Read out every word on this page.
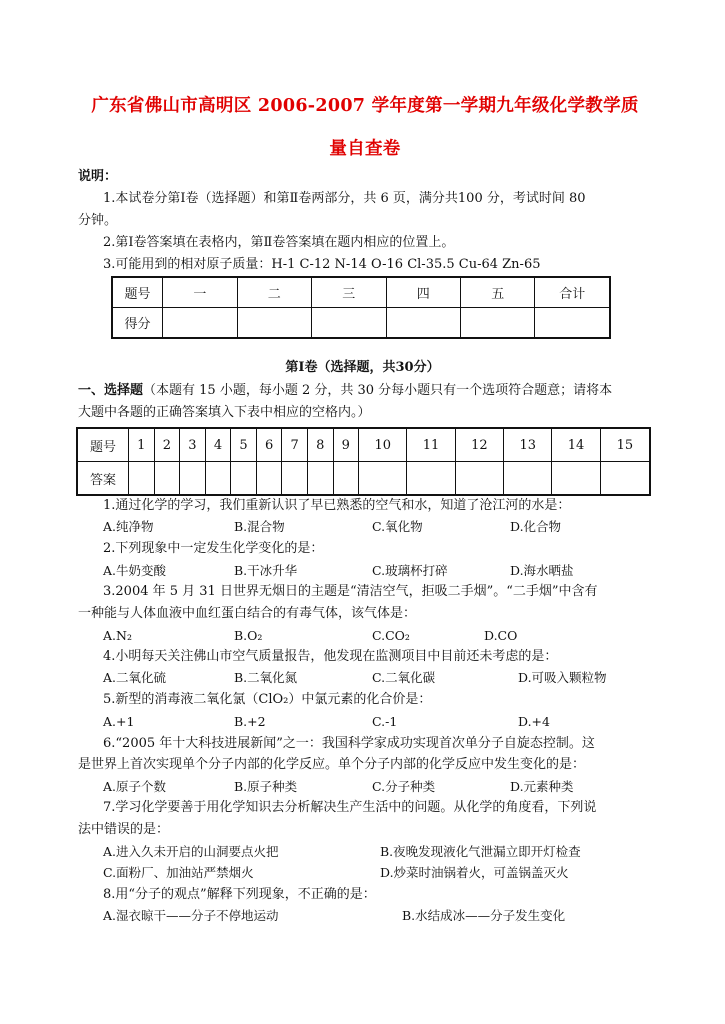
广东省佛山市高明区 2006-2007 学年度第一学期九年级化学教学质
量自查卷
说明：
1.本试卷分第Ⅰ卷（选择题）和第Ⅱ卷两部分，共 6 页，满分共100 分，考试时间 80
分钟。
2.第Ⅰ卷答案填在表格内，第Ⅱ卷答案填在题内相应的位置上。
3.可能用到的相对原子质量：H-1 C-12 N-14 O-16 Cl-35.5 Cu-64 Zn-65
题号	一	二	三	四	五	合计
得分						
第Ⅰ卷（选择题，共30分）
一、选择题（本题有 15 小题，每小题 2 分，共 30 分每小题只有一个选项符合题意；请将本
大题中各题的正确答案填入下表中相应的空格内。）
题号	1	2	3	4	5	6	7	8	9	10	11	12	13	14	15
答案															
1.通过化学的学习，我们重新认识了早已熟悉的空气和水，知道了沧江河的水是：
A.纯净物	B.混合物	C.氧化物	D.化合物
2.下列现象中一定发生化学变化的是：
A.牛奶变酸	B.干冰升华	C.玻璃杯打碎	D.海水晒盐
3.2004 年 5 月 31 日世界无烟日的主题是“清洁空气，拒吸二手烟”。“二手烟”中含有
一种能与人体血液中血红蛋白结合的有毒气体，该气体是：
A.N₂	B.O₂	C.CO₂	D.CO
4.小明每天关注佛山市空气质量报告，他发现在监测项目中目前还未考虑的是：
A.二氧化硫	B.二氧化氮	C.二氧化碳	D.可吸入颗粒物
5.新型的消毒液二氧化氯（ClO₂）中氯元素的化合价是：
A.+1	B.+2	C.-1	D.+4
6.“2005 年十大科技进展新闻”之一：我国科学家成功实现首次单分子自旋态控制。这
是世界上首次实现单个分子内部的化学反应。单个分子内部的化学反应中发生变化的是：
A.原子个数	B.原子种类	C.分子种类	D.元素种类
7.学习化学要善于用化学知识去分析解决生产生活中的问题。从化学的角度看，下列说
法中错误的是：
A.进入久未开启的山洞要点火把	B.夜晚发现液化气泄漏立即开灯检查
C.面粉厂、加油站严禁烟火	D.炒菜时油锅着火，可盖锅盖灭火
8.用“分子的观点”解释下列现象，不正确的是：
A.湿衣晾干——分子不停地运动	B.水结成冰——分子发生变化
